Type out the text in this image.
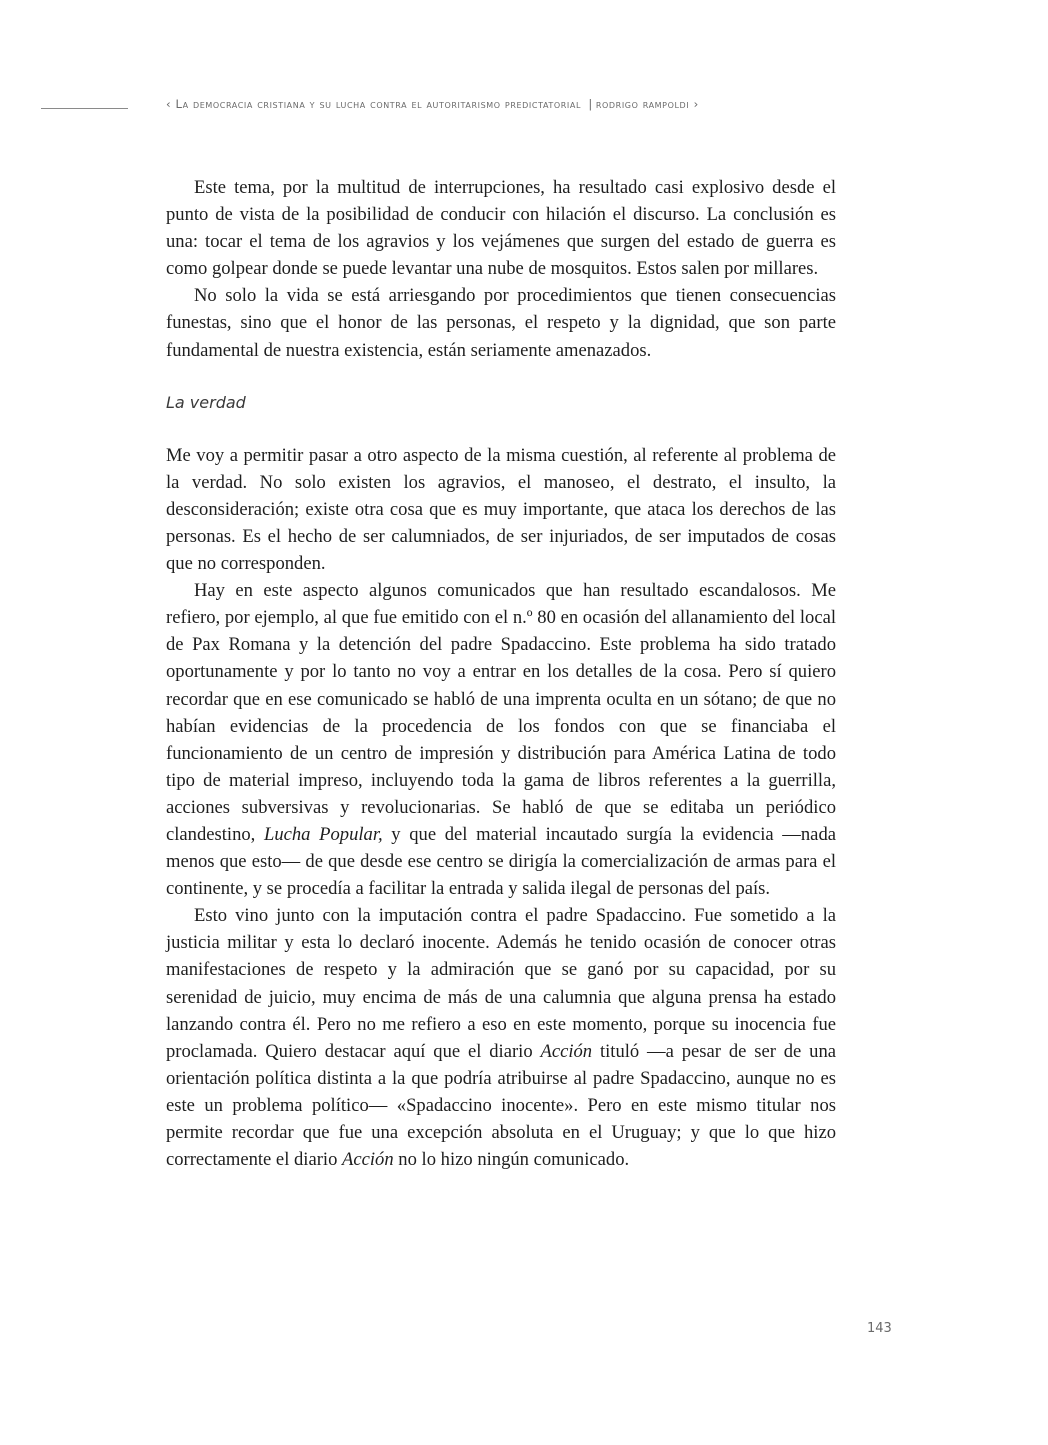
‹ La democracia cristiana y su lucha contra el autoritarismo predictatorial | rodrigo rampoldi ›

Este tema, por la multitud de interrupciones, ha resultado casi explosivo desde el punto de vista de la posibilidad de conducir con hilación el discurso. La conclusión es una: tocar el tema de los agravios y los vejámenes que surgen del estado de guerra es como golpear donde se puede levantar una nube de mosquitos. Estos salen por millares.

No solo la vida se está arriesgando por procedimientos que tienen consecuencias funestas, sino que el honor de las personas, el respeto y la dignidad, que son parte fundamental de nuestra existencia, están seriamente amenazados.

La verdad

Me voy a permitir pasar a otro aspecto de la misma cuestión, al referente al problema de la verdad. No solo existen los agravios, el manoseo, el destrato, el insulto, la desconsideración; existe otra cosa que es muy importante, que ataca los derechos de las personas. Es el hecho de ser calumniados, de ser injuriados, de ser imputados de cosas que no corresponden.

Hay en este aspecto algunos comunicados que han resultado escandalosos. Me refiero, por ejemplo, al que fue emitido con el n.º 80 en ocasión del allanamiento del local de Pax Romana y la detención del padre Spadaccino. Este problema ha sido tratado oportunamente y por lo tanto no voy a entrar en los detalles de la cosa. Pero sí quiero recordar que en ese comunicado se habló de una imprenta oculta en un sótano; de que no habían evidencias de la procedencia de los fondos con que se financiaba el funcionamiento de un centro de impresión y distribución para América Latina de todo tipo de material impreso, incluyendo toda la gama de libros referentes a la guerrilla, acciones subversivas y revolucionarias. Se habló de que se editaba un periódico clandestino, Lucha Popular, y que del material incautado surgía la evidencia —nada menos que esto— de que desde ese centro se dirigía la comercialización de armas para el continente, y se procedía a facilitar la entrada y salida ilegal de personas del país.

Esto vino junto con la imputación contra el padre Spadaccino. Fue sometido a la justicia militar y esta lo declaró inocente. Además he tenido ocasión de conocer otras manifestaciones de respeto y la admiración que se ganó por su capacidad, por su serenidad de juicio, muy encima de más de una calumnia que alguna prensa ha estado lanzando contra él. Pero no me refiero a eso en este momento, porque su inocencia fue proclamada. Quiero destacar aquí que el diario Acción tituló —a pesar de ser de una orientación política distinta a la que podría atribuirse al padre Spadaccino, aunque no es este un problema político— «Spadaccino inocente». Pero en este mismo titular nos permite recordar que fue una excepción absoluta en el Uruguay; y que lo que hizo correctamente el diario Acción no lo hizo ningún comunicado.

143
